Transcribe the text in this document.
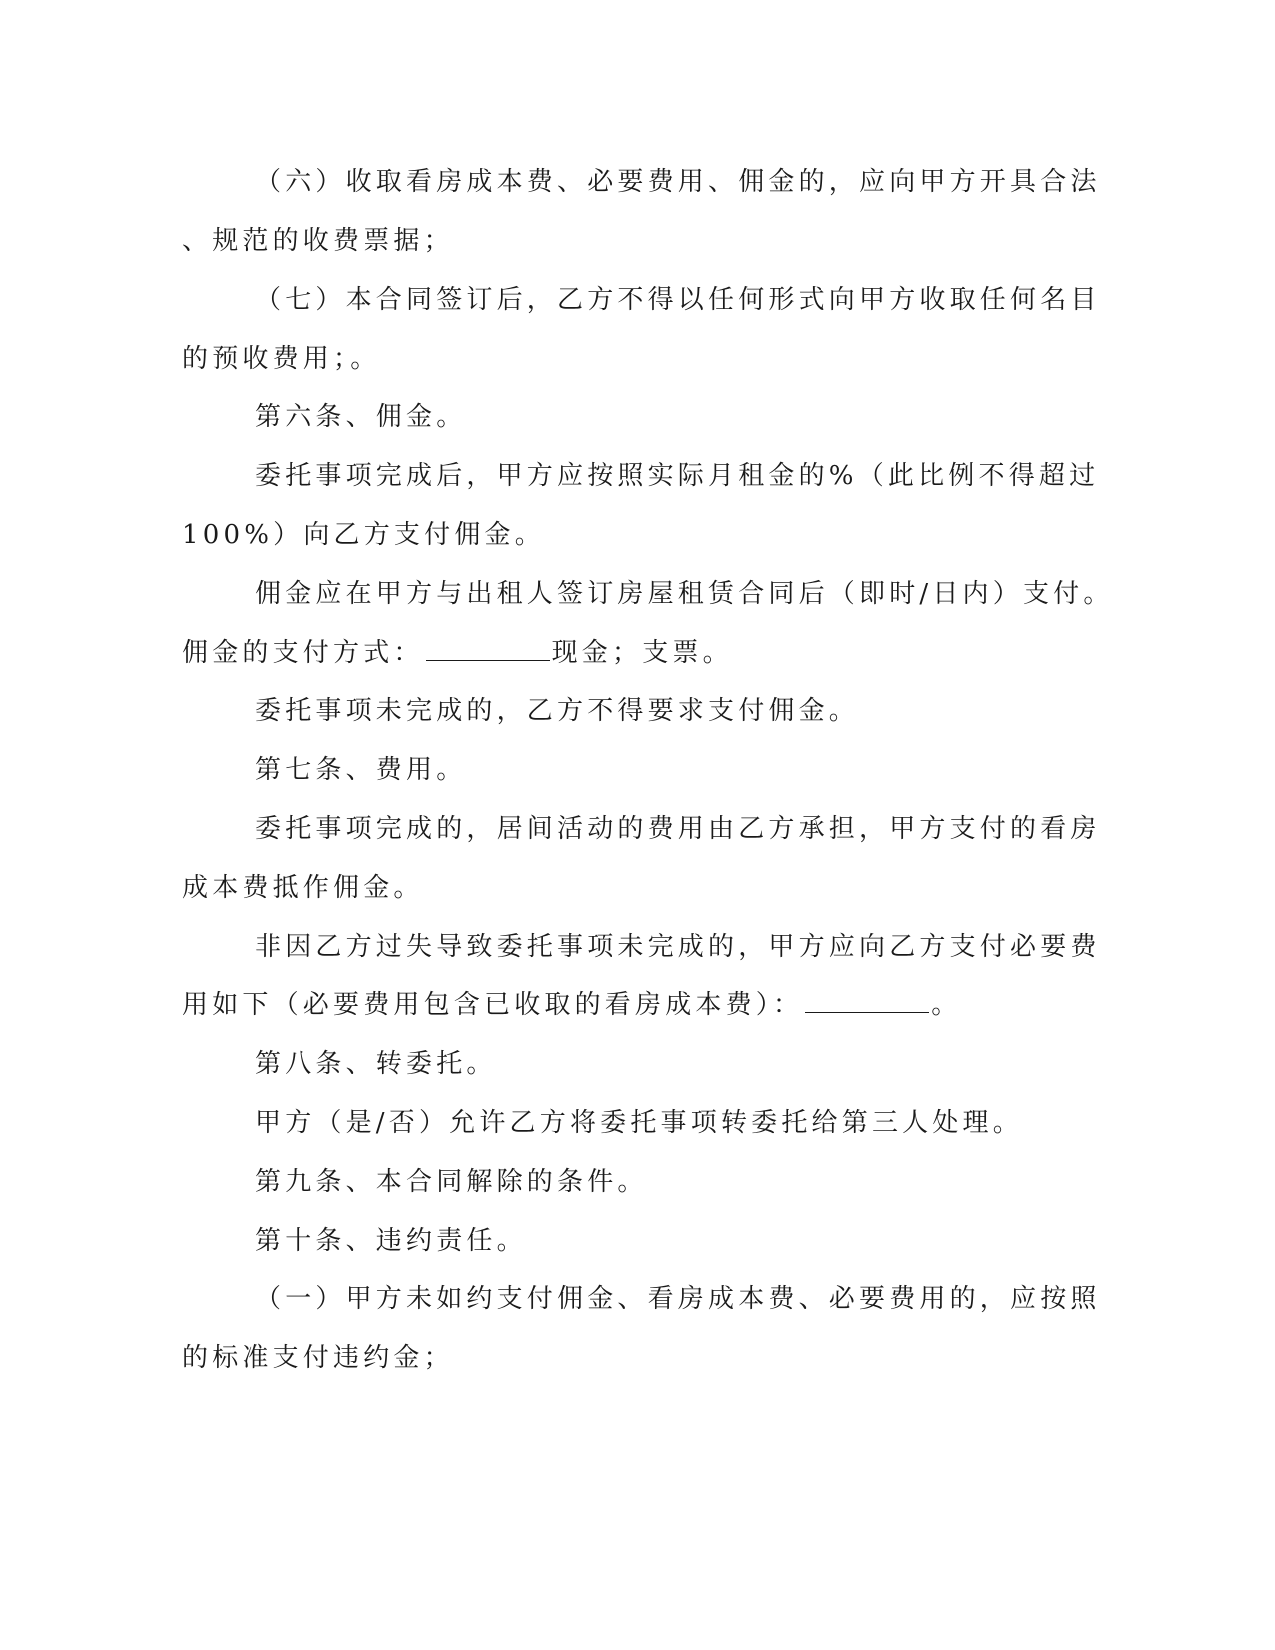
（六）收取看房成本费、必要费用、佣金的，应向甲方开具合法
、规范的收费票据；
（七）本合同签订后，乙方不得以任何形式向甲方收取任何名目
的预收费用；。
第六条、佣金。
委托事项完成后，甲方应按照实际月租金的%（此比例不得超过
100%）向乙方支付佣金。
佣金应在甲方与出租人签订房屋租赁合同后（即时/日内）支付。
佣金的支付方式：	现金；支票。
委托事项未完成的，乙方不得要求支付佣金。
第七条、费用。
委托事项完成的，居间活动的费用由乙方承担，甲方支付的看房
成本费抵作佣金。
非因乙方过失导致委托事项未完成的，甲方应向乙方支付必要费
用如下（必要费用包含已收取的看房成本费）：	。
第八条、转委托。
甲方（是/否）允许乙方将委托事项转委托给第三人处理。
第九条、本合同解除的条件。
第十条、违约责任。
（一）甲方未如约支付佣金、看房成本费、必要费用的，应按照
的标准支付违约金；
